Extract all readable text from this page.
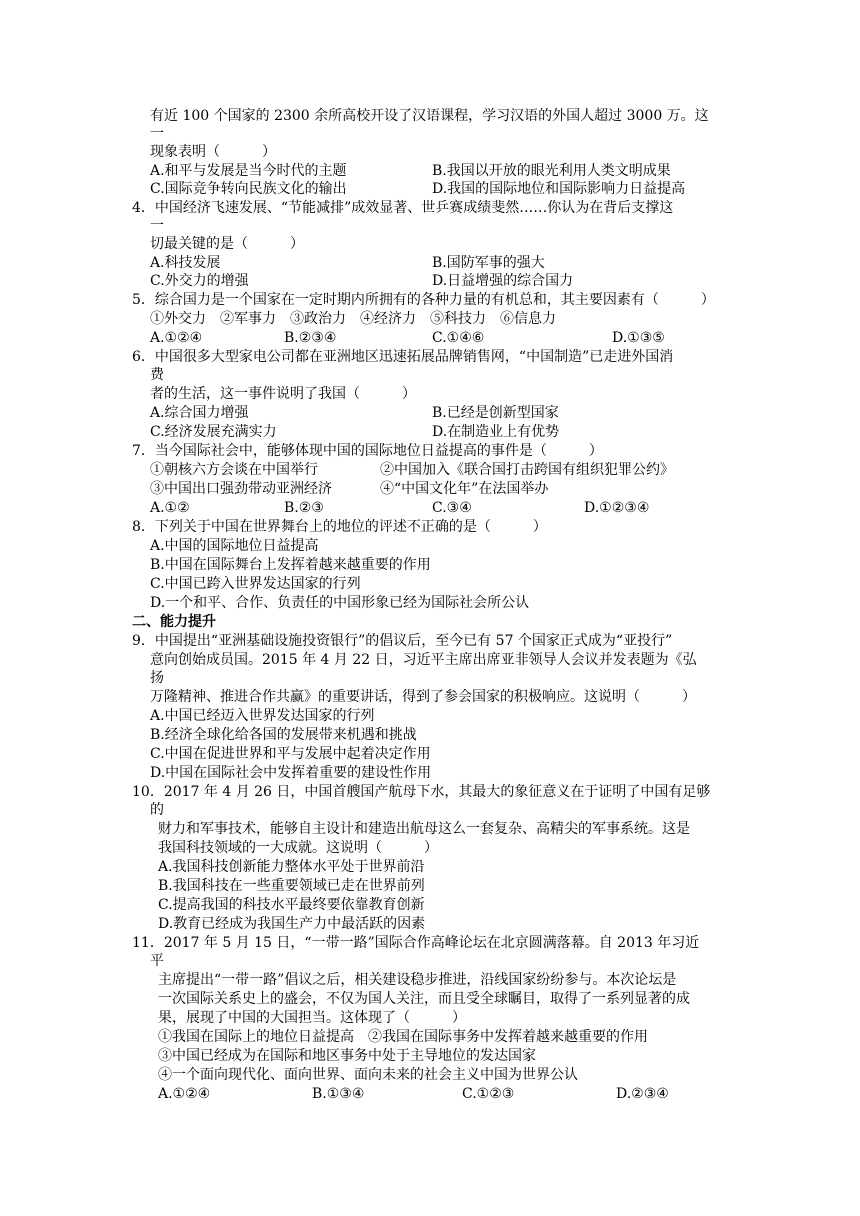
有近 100 个国家的 2300 余所高校开设了汉语课程，学习汉语的外国人超过 3000 万。这
一
现象表明（　　　）
A.和平与发展是当今时代的主题	B.我国以开放的眼光利用人类文明成果
C.国际竞争转向民族文化的输出	D.我国的国际地位和国际影响力日益提高
4．中国经济飞速发展、“节能减排”成效显著、世乒赛成绩斐然……你认为在背后支撑这
一
切最关键的是（　　　）
A.科技发展	B.国防军事的强大
C.外交力的增强	D.日益增强的综合国力
5．综合国力是一个国家在一定时期内所拥有的各种力量的有机总和，其主要因素有（　　　）
①外交力　②军事力　③政治力　④经济力　⑤科技力　⑥信息力
A.①②④	B.②③④	C.①④⑥	D.①③⑤
6．中国很多大型家电公司都在亚洲地区迅速拓展品牌销售网，“中国制造”已走进外国消
费
者的生活，这一事件说明了我国（　　　）
A.综合国力增强	B.已经是创新型国家
C.经济发展充满实力	D.在制造业上有优势
7．当今国际社会中，能够体现中国的国际地位日益提高的事件是（　　　）
①朝核六方会谈在中国举行	②中国加入《联合国打击跨国有组织犯罪公约》
③中国出口强劲带动亚洲经济	④“中国文化年”在法国举办
A.①②	B.②③	C.③④	D.①②③④
8．下列关于中国在世界舞台上的地位的评述不正确的是（　　　）
A.中国的国际地位日益提高
B.中国在国际舞台上发挥着越来越重要的作用
C.中国已跨入世界发达国家的行列
D.一个和平、合作、负责任的中国形象已经为国际社会所公认
二、能力提升
9．中国提出“亚洲基础设施投资银行”的倡议后，至今已有 57 个国家正式成为“亚投行”
意向创始成员国。2015 年 4 月 22 日，习近平主席出席亚非领导人会议并发表题为《弘
扬
万隆精神、推进合作共赢》的重要讲话，得到了参会国家的积极响应。这说明（　　　）
A.中国已经迈入世界发达国家的行列
B.经济全球化给各国的发展带来机遇和挑战
C.中国在促进世界和平与发展中起着决定作用
D.中国在国际社会中发挥着重要的建设性作用
10．2017 年 4 月 26 日，中国首艘国产航母下水，其最大的象征意义在于证明了中国有足够
的
财力和军事技术，能够自主设计和建造出航母这么一套复杂、高精尖的军事系统。这是
我国科技领域的一大成就。这说明（　　　）
A.我国科技创新能力整体水平处于世界前沿
B.我国科技在一些重要领域已走在世界前列
C.提高我国的科技水平最终要依靠教育创新
D.教育已经成为我国生产力中最活跃的因素
11．2017 年 5 月 15 日，“一带一路”国际合作高峰论坛在北京圆满落幕。自 2013 年习近
平
主席提出“一带一路”倡议之后，相关建设稳步推进，沿线国家纷纷参与。本次论坛是
一次国际关系史上的盛会，不仅为国人关注，而且受全球瞩目，取得了一系列显著的成
果，展现了中国的大国担当。这体现了（　　　）
①我国在国际上的地位日益提高　②我国在国际事务中发挥着越来越重要的作用
③中国已经成为在国际和地区事务中处于主导地位的发达国家
④一个面向现代化、面向世界、面向未来的社会主义中国为世界公认
A.①②④	B.①③④	C.①②③	D.②③④
